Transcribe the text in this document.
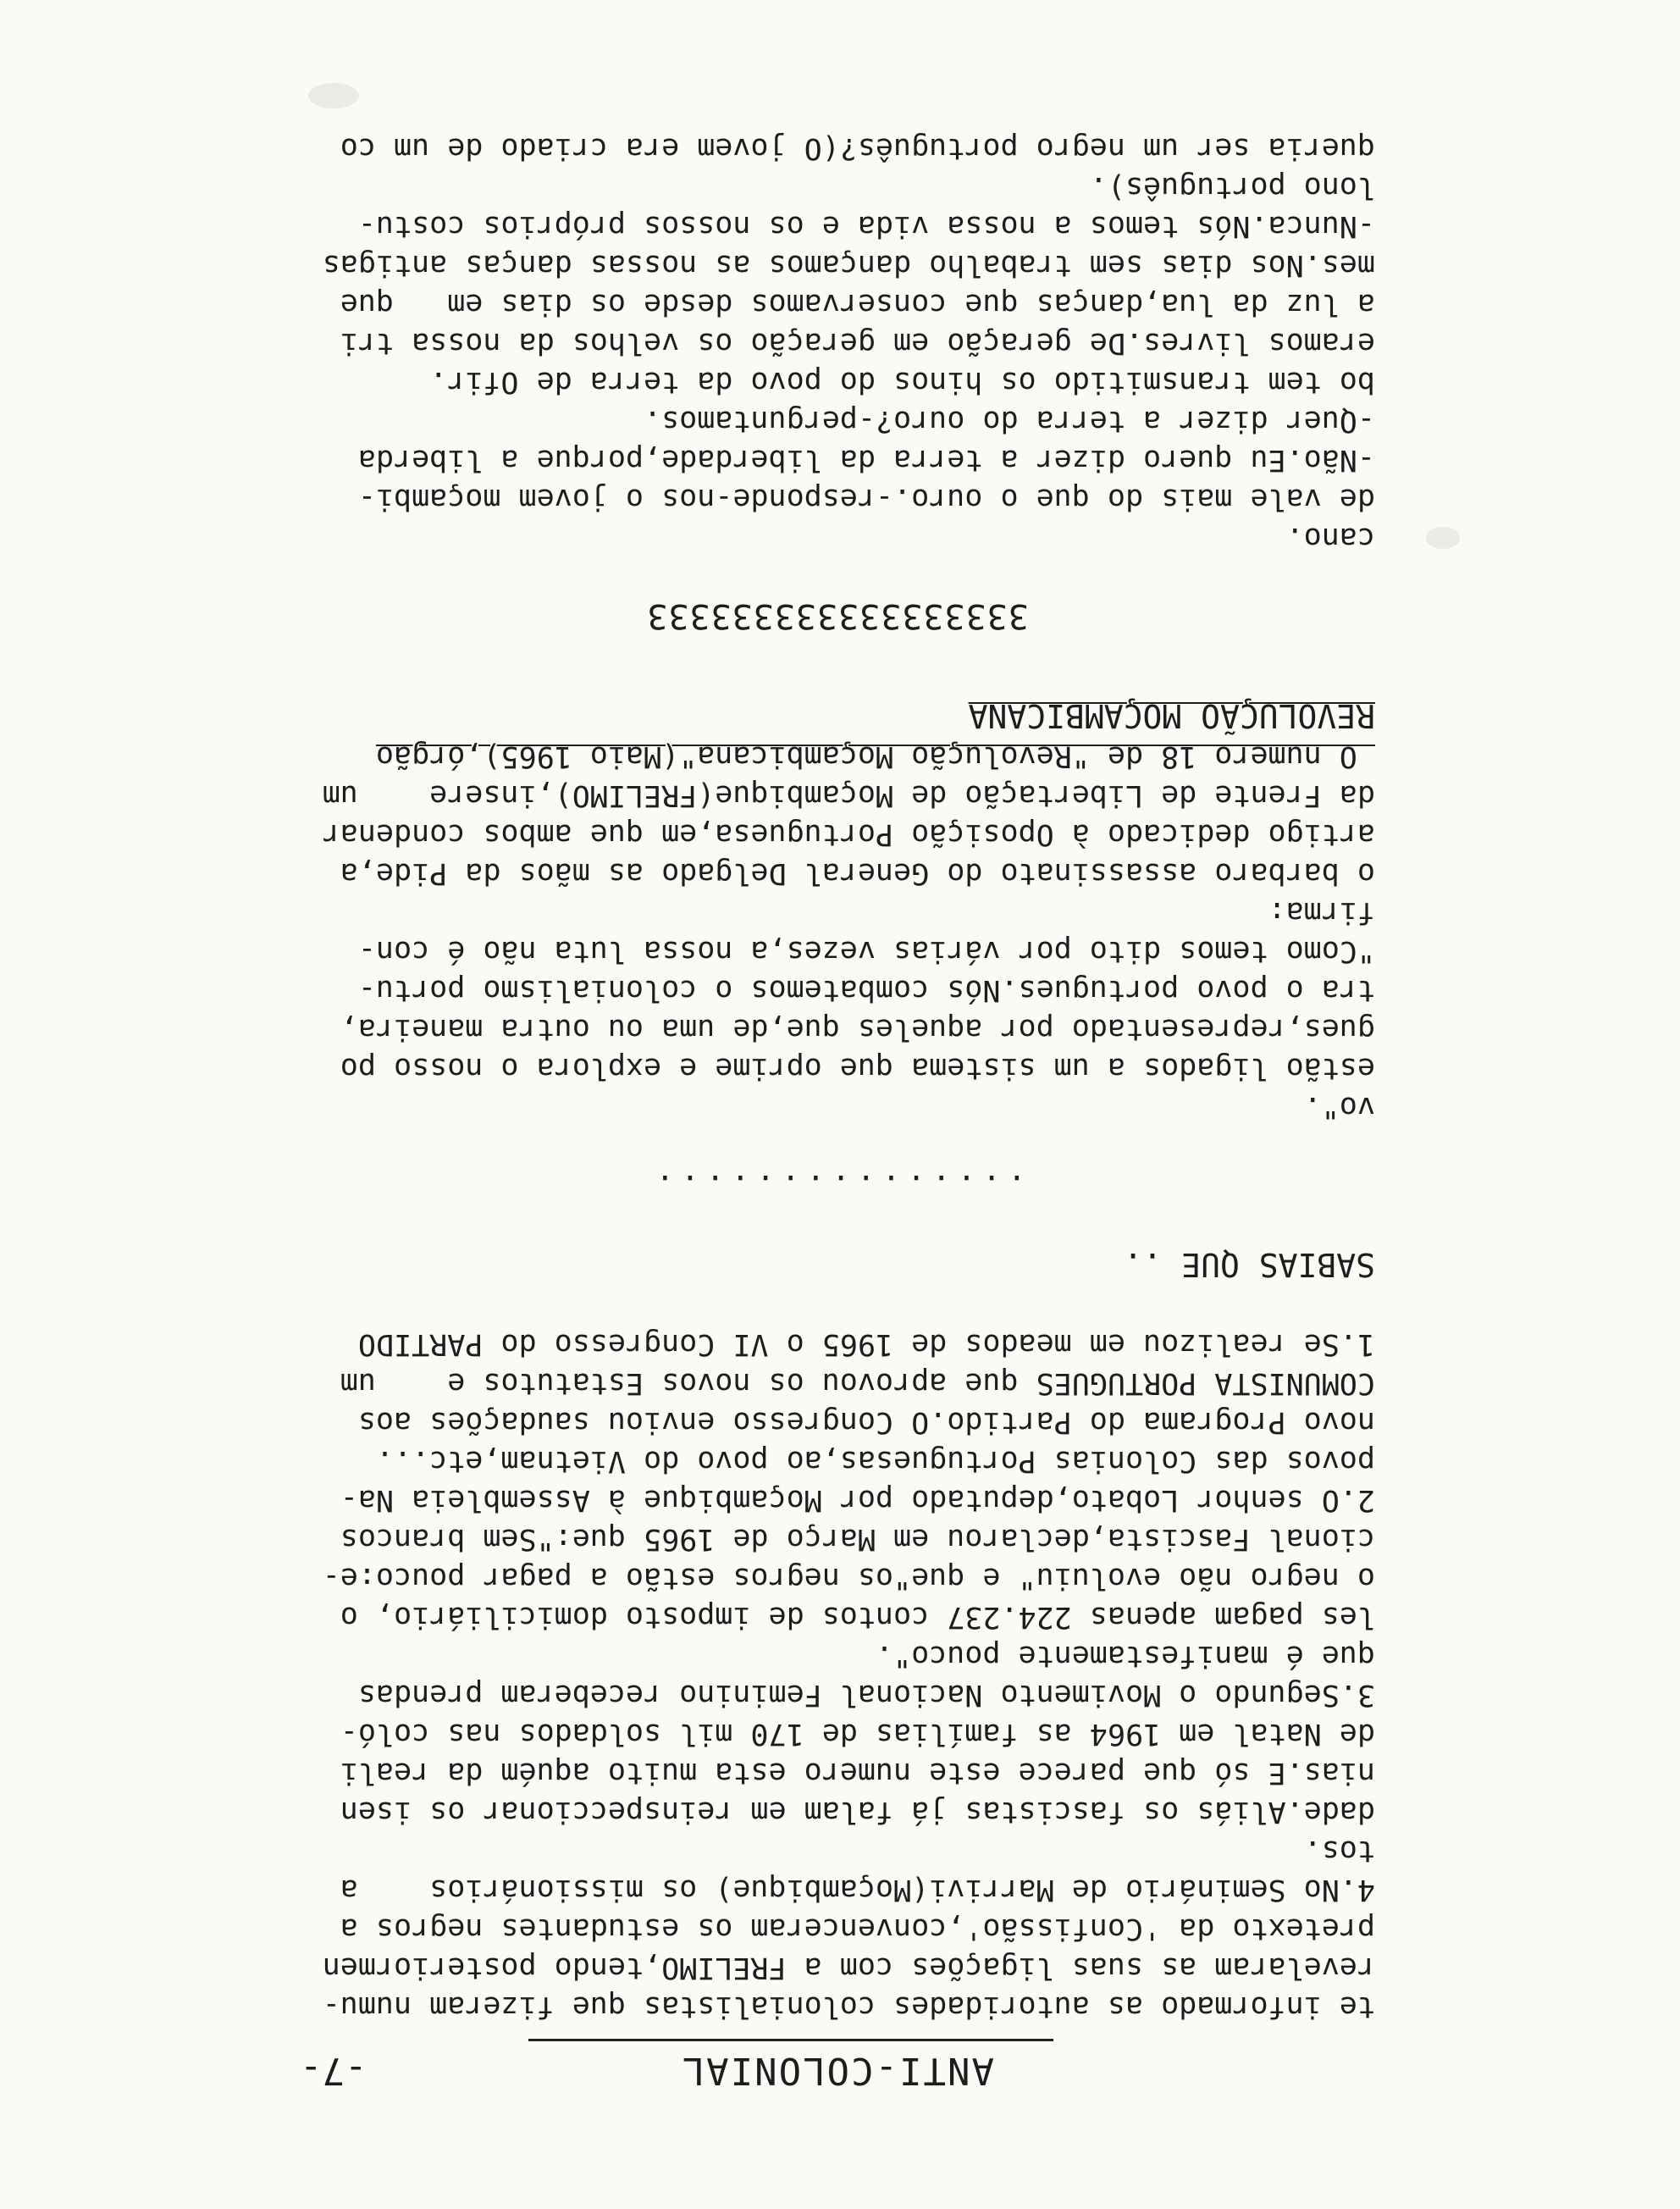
ANTI-COLONIAL
-7-
te informado as autoridades colonialistas que fizeram numu-
revelaram as suas ligações com a FRELIMO,tendo posteriormen
pretexto da 'Confissão',convenceram os estudantes negros a
4.No Seminário de Marrivi(Moçambique) os missionários    a
tos.
dade.Aliás os fascistas já falam em reinspeccionar os isen
nias.E só que parece este numero esta muito aquém da reali
de Natal em 1964 as famílias de 170 mil soldados nas coló-
3.Segundo o Movimento Nacional Feminino receberam prendas
que é manifestamente pouco".
les pagam apenas 224.237 contos de imposto domiciliário, o
o negro não evoluiu" e que"os negros estão a pagar pouco:e-
cional Fascista,declarou em Março de 1965 que:"Sem brancos
2.O senhor Lobato,deputado por Moçambique à Assembleia Na-
povos das Colonias Portuguesas,ao povo do Vietnam,etc...
novo Programa do Partido.O Congresso enviou saudações aos
COMUNISTA PORTUGUES que aprovou os novos Estatutos e    um
1.Se realizou em meados de 1965 o VI Congresso do PARTIDO
SABIAS QUE ..
...............
vo".
estão ligados a um sistema que oprime e explora o nosso po
gues,representado por aqueles que,de uma ou outra maneira,
tra o povo portugues.Nós combatemos o colonialismo portu-
"Como temos dito por várias vezes,a nossa luta não é con-
firma:
o barbaro assassinato do General Delgado as mãos da Pide,a
artigo dedicado à Oposição Portuguesa,em que ambos condenar
da Frente de Libertação de Moçambique(FRELIMO),insere    um
O numero 18 de "Revolução Moçambicana"(Maio 1965),órgão
REVOLUÇÃO MOÇAMBICANA
333333333333333333
cano.
de vale mais do que o ouro.-responde-nos o jovem moçambi-
-Não.Eu quero dizer a terra da liberdade,porque a liberda
-Quer dizer a terra do ouro?-perguntamos.
bo tem transmitido os hinos do povo da terra de Ofir.
eramos livres.De geração em geração os velhos da nossa tri
a luz da lua,danças que conservamos desde os dias em   que
mes.Nos dias sem trabalho dançamos as nossas danças antigas
-Nunca.Nós temos a nossa vida e os nossos próprios costu-
lono português).
queria ser um negro português?(O jovem era criado de um co
